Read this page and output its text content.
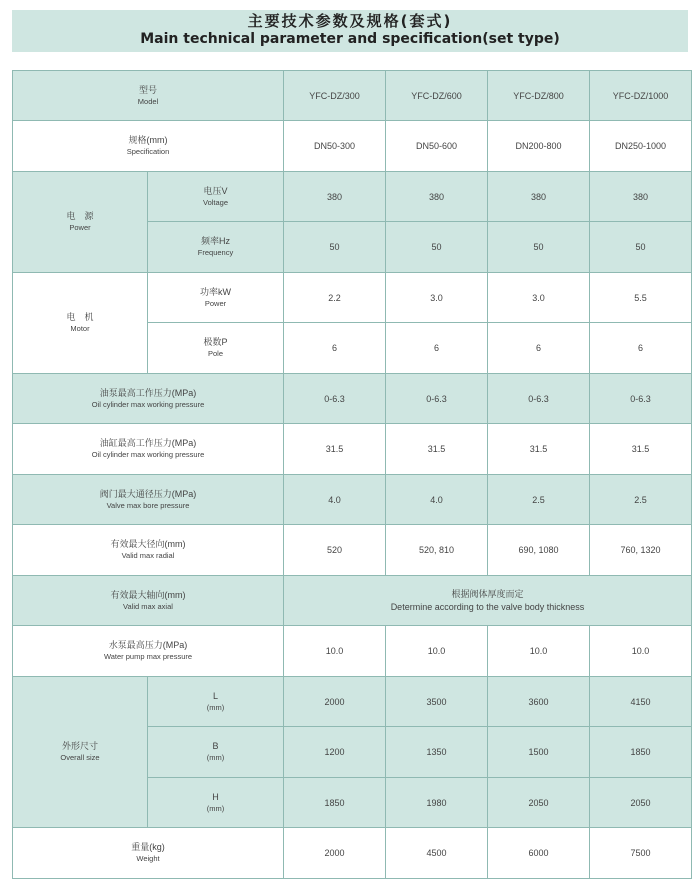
主要技术参数及规格(套式)
Main technical parameter and specification(set type)
型号
Model		YFC-DZ/300	YFC-DZ/600	YFC-DZ/800	YFC-DZ/1000

规格(mm)
Specification		DN50-300	DN50-600	DN200-800	DN250-1000

电　源
Power	电压V
Voltage	380	380	380	380

	频率Hz
Frequency	50	50	50	50

电　机
Motor	功率kW
Power	2.2	3.0	3.0	5.5

	极数P
Pole	6	6	6	6

油泵最高工作压力(MPa)
Oil cylinder max working pressure		0-6.3	0-6.3	0-6.3	0-6.3

油缸最高工作压力(MPa)
Oil cylinder max working pressure		31.5	31.5	31.5	31.5

阀门最大通径压力(MPa)
Valve max bore pressure		4.0	4.0	2.5	2.5

有效最大径向(mm)
Valid max radial		520	520, 810	690, 1080	760, 1320

有效最大轴向(mm)
Valid max axial		根据阀体厚度而定
Determine according to the valve body thickness			

水泵最高压力(MPa)
Water pump max pressure		10.0	10.0	10.0	10.0

外形尺寸
Overall size	L
(mm)	2000	3500	3600	4150

	B
(mm)	1200	1350	1500	1850

	H
(mm)	1850	1980	2050	2050

重量(kg)
Weight		2000	4500	6000	7500
